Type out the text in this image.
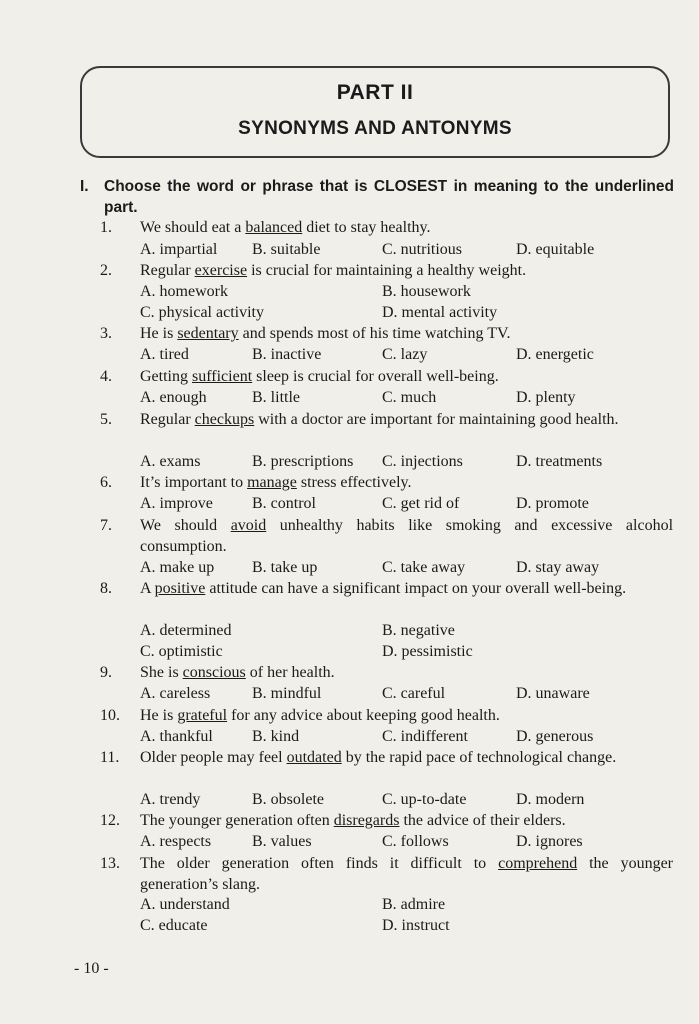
PART II
SYNONYMS AND ANTONYMS
I. Choose the word or phrase that is CLOSEST in meaning to the underlined part.
1. We should eat a balanced diet to stay healthy.
A. impartial B. suitable	C. nutritious	D. equitable
2. Regular exercise is crucial for maintaining a healthy weight.
A. homework	B. housework
C. physical activity	D. mental activity
3. He is sedentary and spends most of his time watching TV.
A. tired	B. inactive	C. lazy	D. energetic
4. Getting sufficient sleep is crucial for overall well-being.
A. enough	B. little	C. much	D. plenty
5. Regular checkups with a doctor are important for maintaining good health.
A. exams	B. prescriptions C. injections	D. treatments
6. It’s important to manage stress effectively.
A. improve B. control	C. get rid of	D. promote
7. We should avoid unhealthy habits like smoking and excessive alcohol consumption.
A. make up B. take up	C. take away	D. stay away
8. A positive attitude can have a significant impact on your overall well-being.
A. determined	B. negative
C. optimistic	D. pessimistic
9. She is conscious of her health.
A. careless	B. mindful	C. careful	D. unaware
10. He is grateful for any advice about keeping good health.
A. thankful B. kind	C. indifferent	D. generous
11. Older people may feel outdated by the rapid pace of technological change.
A. trendy	B. obsolete	C. up-to-date	D. modern
12. The younger generation often disregards the advice of their elders.
A. respects	B. values	C. follows	D. ignores
13. The older generation often finds it difficult to comprehend the younger generation’s slang.
A. understand	B. admire
C. educate	D. instruct
- 10 -
